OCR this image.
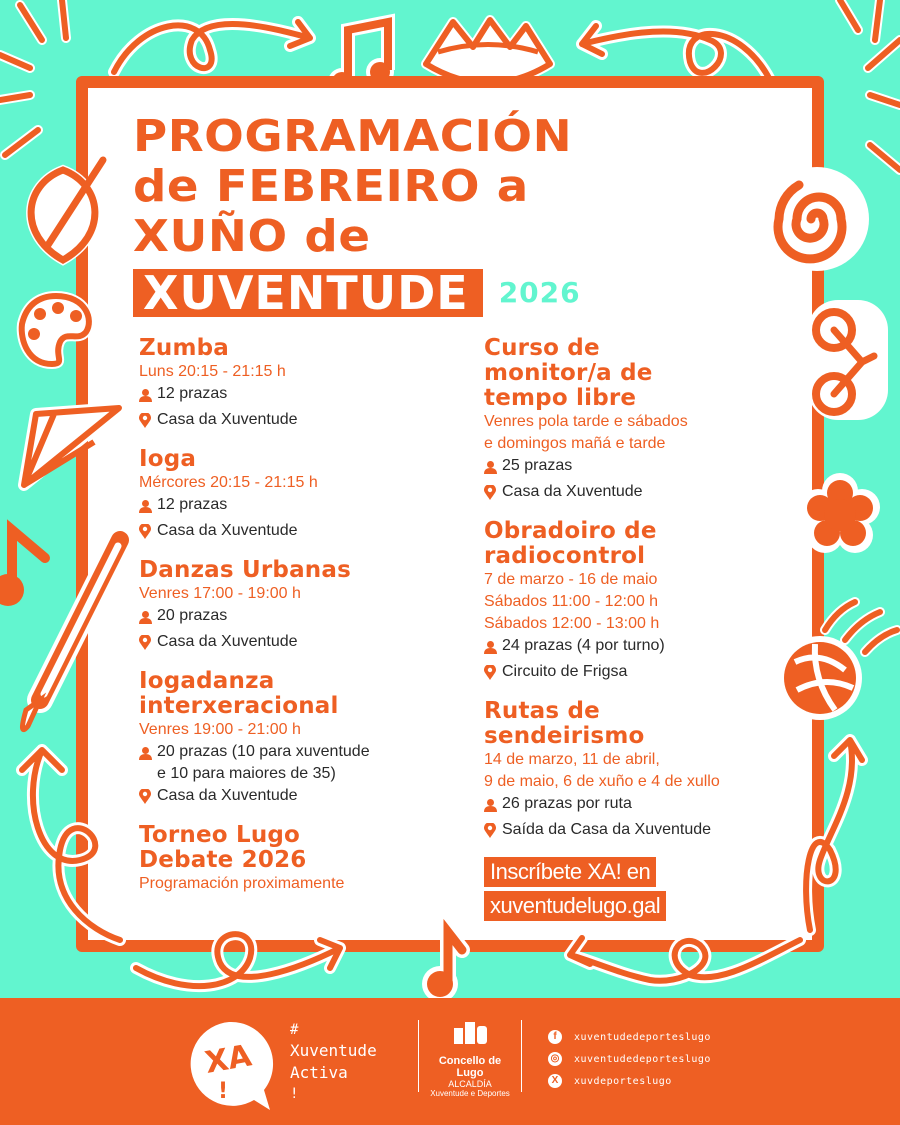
PROGRAMACIÓN
de FEBREIRO a
XUÑO de
XUVENTUDE	2026
Zumba
Luns 20:15 - 21:15 h
12 prazas
Casa da Xuventude
Ioga
Mércores 20:15 - 21:15 h
12 prazas
Casa da Xuventude
Danzas Urbanas
Venres 17:00 - 19:00 h
20 prazas
Casa da Xuventude
Iogadanza
interxeracional
Venres 19:00 - 21:00 h
20 prazas (10 para xuventude
e 10 para maiores de 35)
Casa da Xuventude
Torneo Lugo
Debate 2026
Programación proximamente
Curso de
monitor/a de
tempo libre
Venres pola tarde e sábados
e domingos mañá e tarde
25 prazas
Casa da Xuventude
Obradoiro de
radiocontrol
7 de marzo - 16 de maio
Sábados 11:00 - 12:00 h
Sábados 12:00 - 13:00 h
24 prazas (4 por turno)
Circuito de Frigsa
Rutas de
sendeirismo
14 de marzo, 11 de abril,
9 de maio, 6 de xuño e 4 de xullo
26 prazas por ruta
Saída da Casa da Xuventude
Inscríbete XA! en
xuventudelugo.gal
XA
!
#
Xuventude
Activa
!
Concello de Lugo
ALCALDÍA
Xuventude e Deportes
f	xuventudedeporteslugo
◎ xuventudedeporteslugo
X	xuvdeporteslugo
